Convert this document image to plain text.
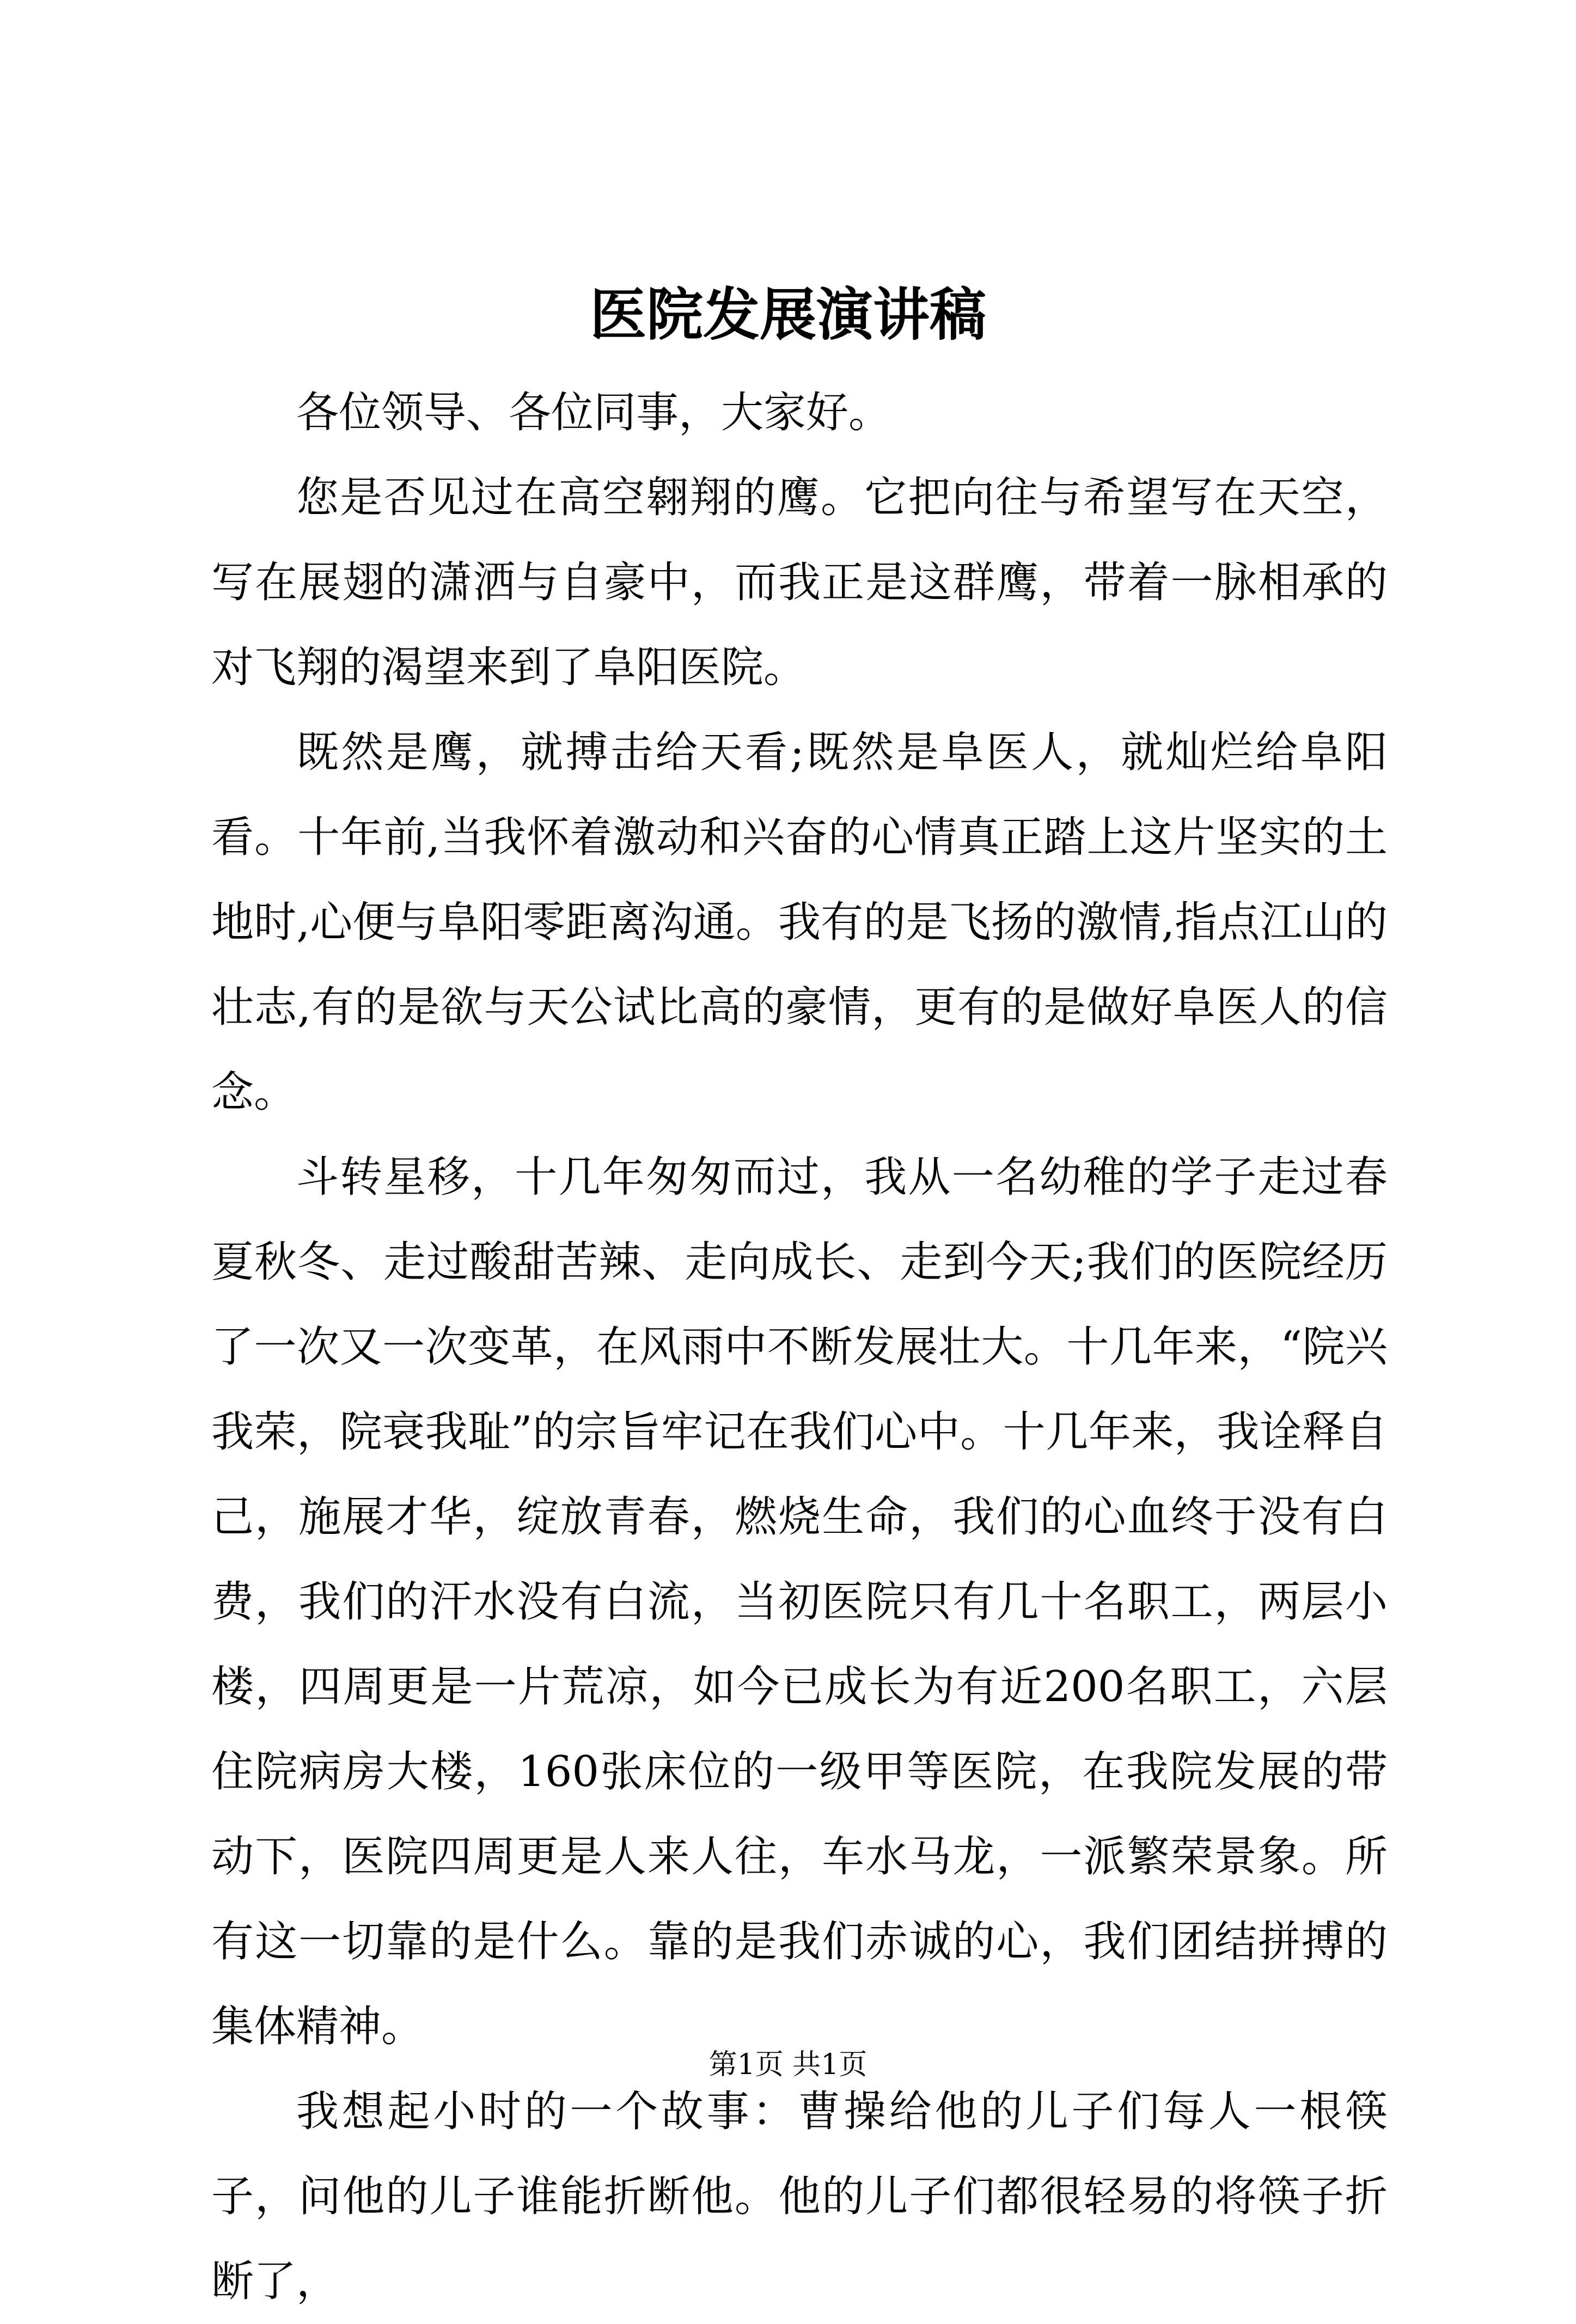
医院发展演讲稿

各位领导、各位同事，大家好。

您是否见过在高空翱翔的鹰。它把向往与希望写在天空，写在展翅的潇洒与自豪中，而我正是这群鹰，带着一脉相承的对飞翔的渴望来到了阜阳医院。

既然是鹰，就搏击给天看;既然是阜医人，就灿烂给阜阳看。十年前,当我怀着激动和兴奋的心情真正踏上这片坚实的土地时,心便与阜阳零距离沟通。我有的是飞扬的激情,指点江山的壮志,有的是欲与天公试比高的豪情，更有的是做好阜医人的信念。

斗转星移，十几年匆匆而过，我从一名幼稚的学子走过春夏秋冬、走过酸甜苦辣、走向成长、走到今天;我们的医院经历了一次又一次变革，在风雨中不断发展壮大。十几年来，“院兴我荣，院衰我耻”的宗旨牢记在我们心中。十几年来，我诠释自己，施展才华，绽放青春，燃烧生命，我们的心血终于没有白费，我们的汗水没有白流，当初医院只有几十名职工，两层小楼，四周更是一片荒凉，如今已成长为有近200名职工，六层住院病房大楼，160张床位的一级甲等医院，在我院发展的带动下，医院四周更是人来人往，车水马龙，一派繁荣景象。所有这一切靠的是什么。靠的是我们赤诚的心，我们团结拼搏的集体精神。

我想起小时的一个故事：曹操给他的儿子们每人一根筷子，问他的儿子谁能折断他。他的儿子们都很轻易的将筷子折断了，

第1页 共1页
